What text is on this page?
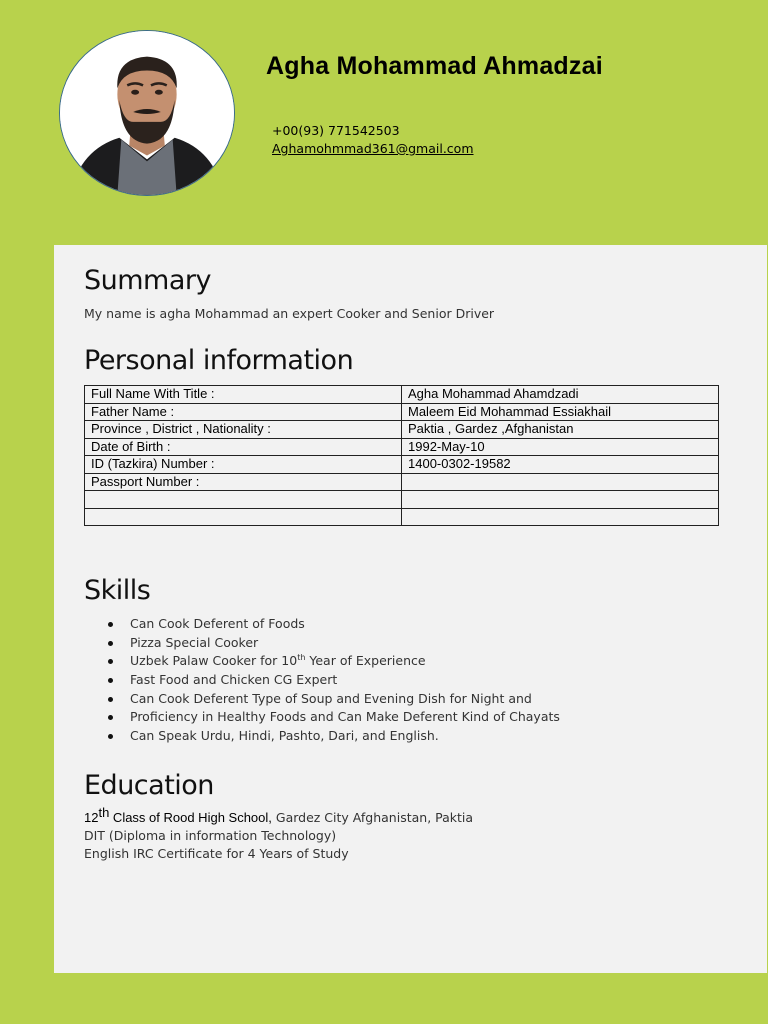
Agha Mohammad Ahmadzai
+00(93) 771542503
Aghamohmmad361@gmail.com
Summary
My name is agha Mohammad an expert Cooker and Senior Driver
Personal information
Full Name With Title :	Agha Mohammad Ahamdzadi
Father Name :	Maleem Eid Mohammad Essiakhail
Province , District , Nationality :	Paktia , Gardez ,Afghanistan
Date of Birth :	1992-May-10
ID (Tazkira) Number :	1400-0302-19582
Passport Number :	

Skills
Can Cook Deferent of Foods
Pizza Special Cooker
Uzbek Palaw Cooker for 10th Year of Experience
Fast Food and Chicken CG Expert
Can Cook Deferent Type of Soup and Evening Dish for Night and
Proficiency in Healthy Foods and Can Make Deferent Kind of Chayats
Can Speak Urdu, Hindi, Pashto, Dari, and English.
Education
12th Class of Rood High School, Gardez City Afghanistan, Paktia
DIT (Diploma in information Technology)
English IRC Certificate for 4 Years of Study
